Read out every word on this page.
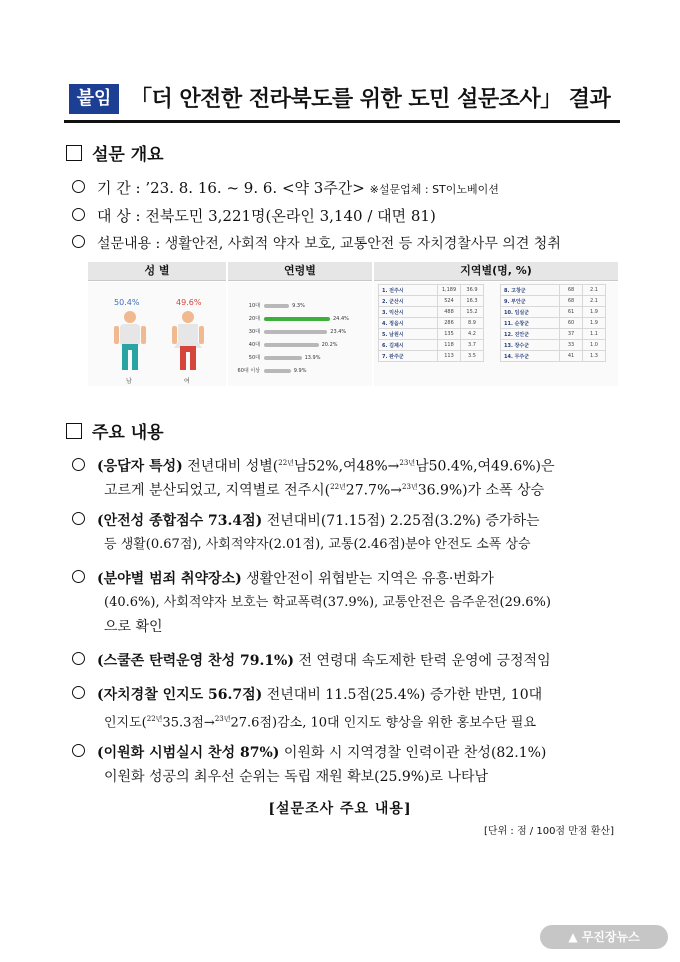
붙임 「더 안전한 전라북도를 위한 도민 설문조사」 결과
설문 개요
기 간 : ’23. 8. 16. ~ 9. 6. <약 3주간> ※설문업체 : ST이노베이션
대 상 : 전북도민 3,221명(온라인 3,140 / 대면 81)
설문내용 : 생활안전, 사회적 약자 보호, 교통안전 등 자치경찰사무 의견 청취
성 별	연령별	지역별(명, %)
50.4%	49.6%
남	여
10대	9.3%
20대	24.4%
30대	23.4%
40대	20.2%
50대	13.9%
60대 이상	9.9%
1. 전주시	1,189	36.9
2. 군산시	524	16.3
3. 익산시	488	15.2
4. 정읍시	286	8.9
5. 남원시	135	4.2
6. 김제시	118	3.7
7. 완주군	113	3.5
8. 고창군	68	2.1
9. 부안군	68	2.1
10. 임실군	61	1.9
11. 순창군	60	1.9
12. 진안군	37	1.1
13. 장수군	33	1.0
14. 무주군	41	1.3
주요 내용
(응답자 특성) 전년대비 성별($^{22년}$남52%,여48%→$^{23년}$남50.4%,여49.6%)은
고르게 분산되었고, 지역별로 전주시($^{22년}$27.7%→$^{23년}$36.9%)가 소폭 상승
(안전성 종합점수 73.4점) 전년대비(71.15점) 2.25점(3.2%) 증가하는
등 생활(0.67점), 사회적약자(2.01점), 교통(2.46점)분야 안전도 소폭 상승
(분야별 범죄 취약장소) 생활안전이 위협받는 지역은 유흥·번화가
(40.6%), 사회적약자 보호는 학교폭력(37.9%), 교통안전은 음주운전(29.6%)
으로 확인
(스쿨존 탄력운영 찬성 79.1%) 전 연령대 속도제한 탄력 운영에 긍정적임
(자치경찰 인지도 56.7점) 전년대비 11.5점(25.4%) 증가한 반면, 10대
인지도($^{22년}$35.3점→$^{23년}$27.6점)감소, 10대 인지도 향상을 위한 홍보수단 필요
(이원화 시범실시 찬성 87%) 이원화 시 지역경찰 인력이관 찬성(82.1%)
이원화 성공의 최우선 순위는 독립 재원 확보(25.9%)로 나타남
[설문조사 주요 내용]
[단위 : 점 / 100점 만점 환산]
▲ 무진장뉴스
